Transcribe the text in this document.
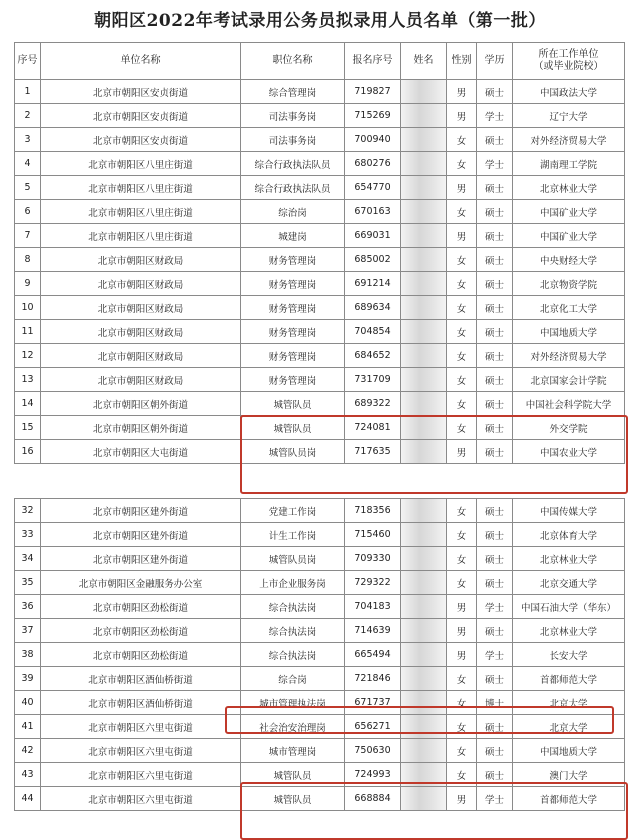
朝阳区2022年考试录用公务员拟录用人员名单（第一批）
序号	单位名称	职位名称	报名序号	姓名	性别	学历	所在工作单位
（或毕业院校）
1	北京市朝阳区安贞街道	综合管理岗	719827		男	硕士	中国政法大学
2	北京市朝阳区安贞街道	司法事务岗	715269		男	学士	辽宁大学
3	北京市朝阳区安贞街道	司法事务岗	700940		女	硕士	对外经济贸易大学
4	北京市朝阳区八里庄街道	综合行政执法队员	680276		女	学士	湖南理工学院
5	北京市朝阳区八里庄街道	综合行政执法队员	654770		男	硕士	北京林业大学
6	北京市朝阳区八里庄街道	综治岗	670163		女	硕士	中国矿业大学
7	北京市朝阳区八里庄街道	城建岗	669031		男	硕士	中国矿业大学
8	北京市朝阳区财政局	财务管理岗	685002		女	硕士	中央财经大学
9	北京市朝阳区财政局	财务管理岗	691214		女	硕士	北京物资学院
10	北京市朝阳区财政局	财务管理岗	689634		女	硕士	北京化工大学
11	北京市朝阳区财政局	财务管理岗	704854		女	硕士	中国地质大学
12	北京市朝阳区财政局	财务管理岗	684652		女	硕士	对外经济贸易大学
13	北京市朝阳区财政局	财务管理岗	731709		女	硕士	北京国家会计学院
14	北京市朝阳区朝外街道	城管队员	689322		女	硕士	中国社会科学院大学
15	北京市朝阳区朝外街道	城管队员	724081		女	硕士	外交学院
16	北京市朝阳区大屯街道	城管队员岗	717635		男	硕士	中国农业大学
32	北京市朝阳区建外街道	党建工作岗	718356		女	硕士	中国传媒大学
33	北京市朝阳区建外街道	计生工作岗	715460		女	硕士	北京体育大学
34	北京市朝阳区建外街道	城管队员岗	709330		女	硕士	北京林业大学
35	北京市朝阳区金融服务办公室	上市企业服务岗	729322		女	硕士	北京交通大学
36	北京市朝阳区劲松街道	综合执法岗	704183		男	学士	中国石油大学（华东）
37	北京市朝阳区劲松街道	综合执法岗	714639		男	硕士	北京林业大学
38	北京市朝阳区劲松街道	综合执法岗	665494		男	学士	长安大学
39	北京市朝阳区酒仙桥街道	综合岗	721846		女	硕士	首都师范大学
40	北京市朝阳区酒仙桥街道	城市管理执法岗	671737		女	博士	北京大学
41	北京市朝阳区六里屯街道	社会治安治理岗	656271		女	硕士	北京大学
42	北京市朝阳区六里屯街道	城市管理岗	750630		女	硕士	中国地质大学
43	北京市朝阳区六里屯街道	城管队员	724993		女	硕士	澳门大学
44	北京市朝阳区六里屯街道	城管队员	668884		男	学士	首都师范大学
